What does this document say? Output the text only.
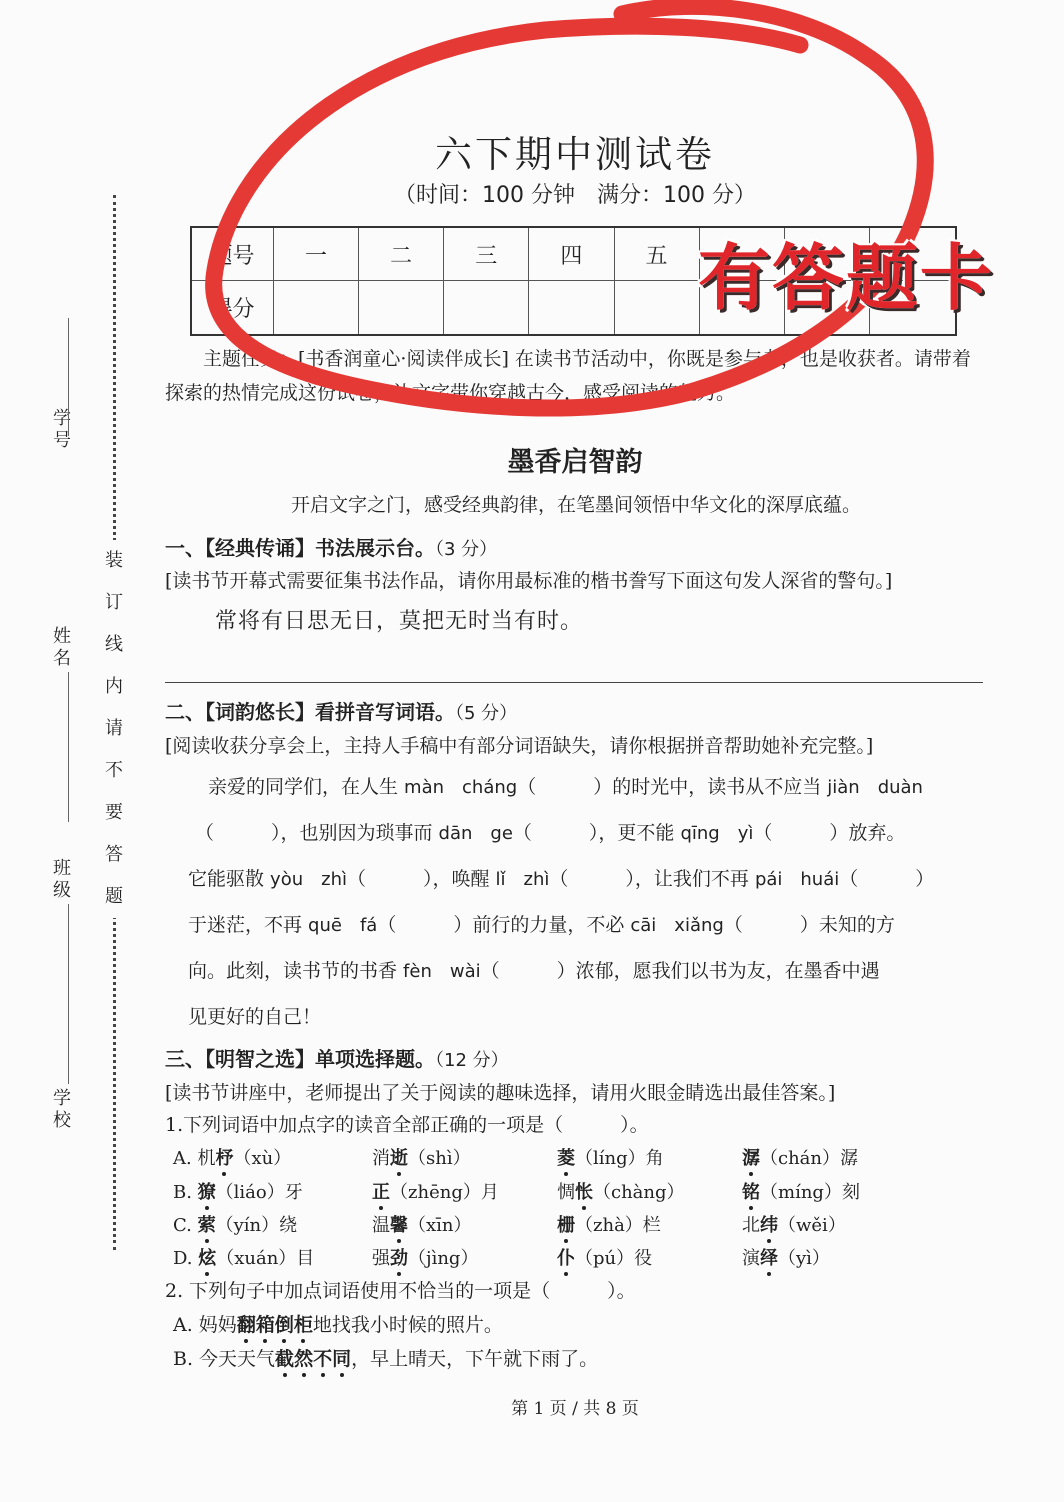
装
订
线
内
请
不
要
答
题
学号
姓名
班级
学校
六下期中测试卷
（时间：100 分钟　满分：100 分）
题号	一	二	三	四	五
得分
主题任务：[书香润童心·阅读伴成长] 在读书节活动中，你既是参与者，也是收获者。请带着探索的热情完成这份试卷，让文字带你穿越古今，感受阅读的魅力。
墨香启智韵
开启文字之门，感受经典韵律，在笔墨间领悟中华文化的深厚底蕴。
一、【经典传诵】书法展示台。（3 分）
[读书节开幕式需要征集书法作品，请你用最标准的楷书誊写下面这句发人深省的警句。]
常将有日思无日，莫把无时当有时。
二、【词韵悠长】看拼音写词语。（5 分）
[阅读收获分享会上，主持人手稿中有部分词语缺失，请你根据拼音帮助她补充完整。]
亲爱的同学们，在人生 màn　cháng（　　　）的时光中，读书从不应当 jiàn　duàn
（　　　），也别因为琐事而 dān　ge（　　　），更不能 qīng　yì（　　　）放弃。
它能驱散 yòu　zhì（　　　），唤醒 lǐ　zhì（　　　），让我们不再 pái　huái（　　　）
于迷茫，不再 quē　fá（　　　）前行的力量，不必 cāi　xiǎng（　　　）未知的方
向。此刻，读书节的书香 fèn　wài（　　　）浓郁，愿我们以书为友，在墨香中遇
见更好的自己！
三、【明智之选】单项选择题。（12 分）
[读书节讲座中，老师提出了关于阅读的趣味选择，请用火眼金睛选出最佳答案。]
1.下列词语中加点字的读音全部正确的一项是（　　　）。
A. 机杼（xù）	消逝（shì）	菱（líng）角	潺（chán）潺
B. 獠（liáo）牙	正（zhēng）月	惆怅（chàng）	铭（míng）刻
C. 萦（yín）绕	温馨（xīn）	栅（zhà）栏	北纬（wěi）
D. 炫（xuán）目	强劲（jìng）	仆（pú）役	演绎（yì）
2. 下列句子中加点词语使用不恰当的一项是（　　　）。
A. 妈妈翻箱倒柜地找我小时候的照片。
B. 今天天气截然不同，早上晴天，下午就下雨了。
第 1 页 / 共 8 页
有答题卡
